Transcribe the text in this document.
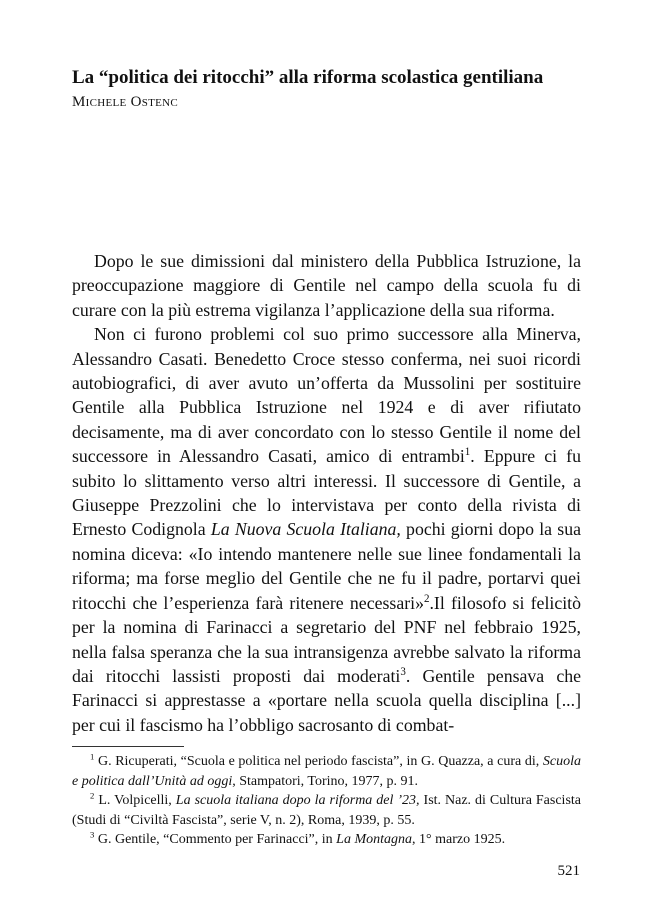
La “politica dei ritocchi” alla riforma scolastica gentiliana
Michele Ostenc

Dopo le sue dimissioni dal ministero della Pubblica Istruzione, la preoccupazione maggiore di Gentile nel campo della scuola fu di curare con la più estrema vigilanza l’applicazione della sua riforma.

Non ci furono problemi col suo primo successore alla Minerva, Alessandro Casati. Benedetto Croce stesso conferma, nei suoi ricordi autobiografici, di aver avuto un’offerta da Mussolini per sostituire Gentile alla Pubblica Istruzione nel 1924 e di aver rifiutato decisamente, ma di aver concordato con lo stesso Gentile il nome del successore in Alessandro Casati, amico di entrambi$^1$. Eppure ci fu subito lo slittamento verso altri interessi. Il successore di Gentile, a Giuseppe Prezzolini che lo intervistava per conto della rivista di Ernesto Codignola La Nuova Scuola Italiana, pochi giorni dopo la sua nomina diceva: «Io intendo mantenere nelle sue linee fondamentali la riforma; ma forse meglio del Gentile che ne fu il padre, portarvi quei ritocchi che l’esperienza farà ritenere necessari»$^2$.Il filosofo si felicitò per la nomina di Farinacci a segretario del PNF nel febbraio 1925, nella falsa speranza che la sua intransigenza avrebbe salvato la riforma dai ritocchi lassisti proposti dai moderati$^3$. Gentile pensava che Farinacci si apprestasse a «portare nella scuola quella disciplina [...] per cui il fascismo ha l’obbligo sacrosanto di combat-

$^1$ G. Ricuperati, “Scuola e politica nel periodo fascista”, in G. Quazza, a cura di, Scuola e politica dall’Unità ad oggi, Stampatori, Torino, 1977, p. 91.

$^2$ L. Volpicelli, La scuola italiana dopo la riforma del ’23, Ist. Naz. di Cultura Fascista (Studi di “Civiltà Fascista”, serie V, n. 2), Roma, 1939, p. 55.

$^3$ G. Gentile, “Commento per Farinacci”, in La Montagna, 1° marzo 1925.

521
